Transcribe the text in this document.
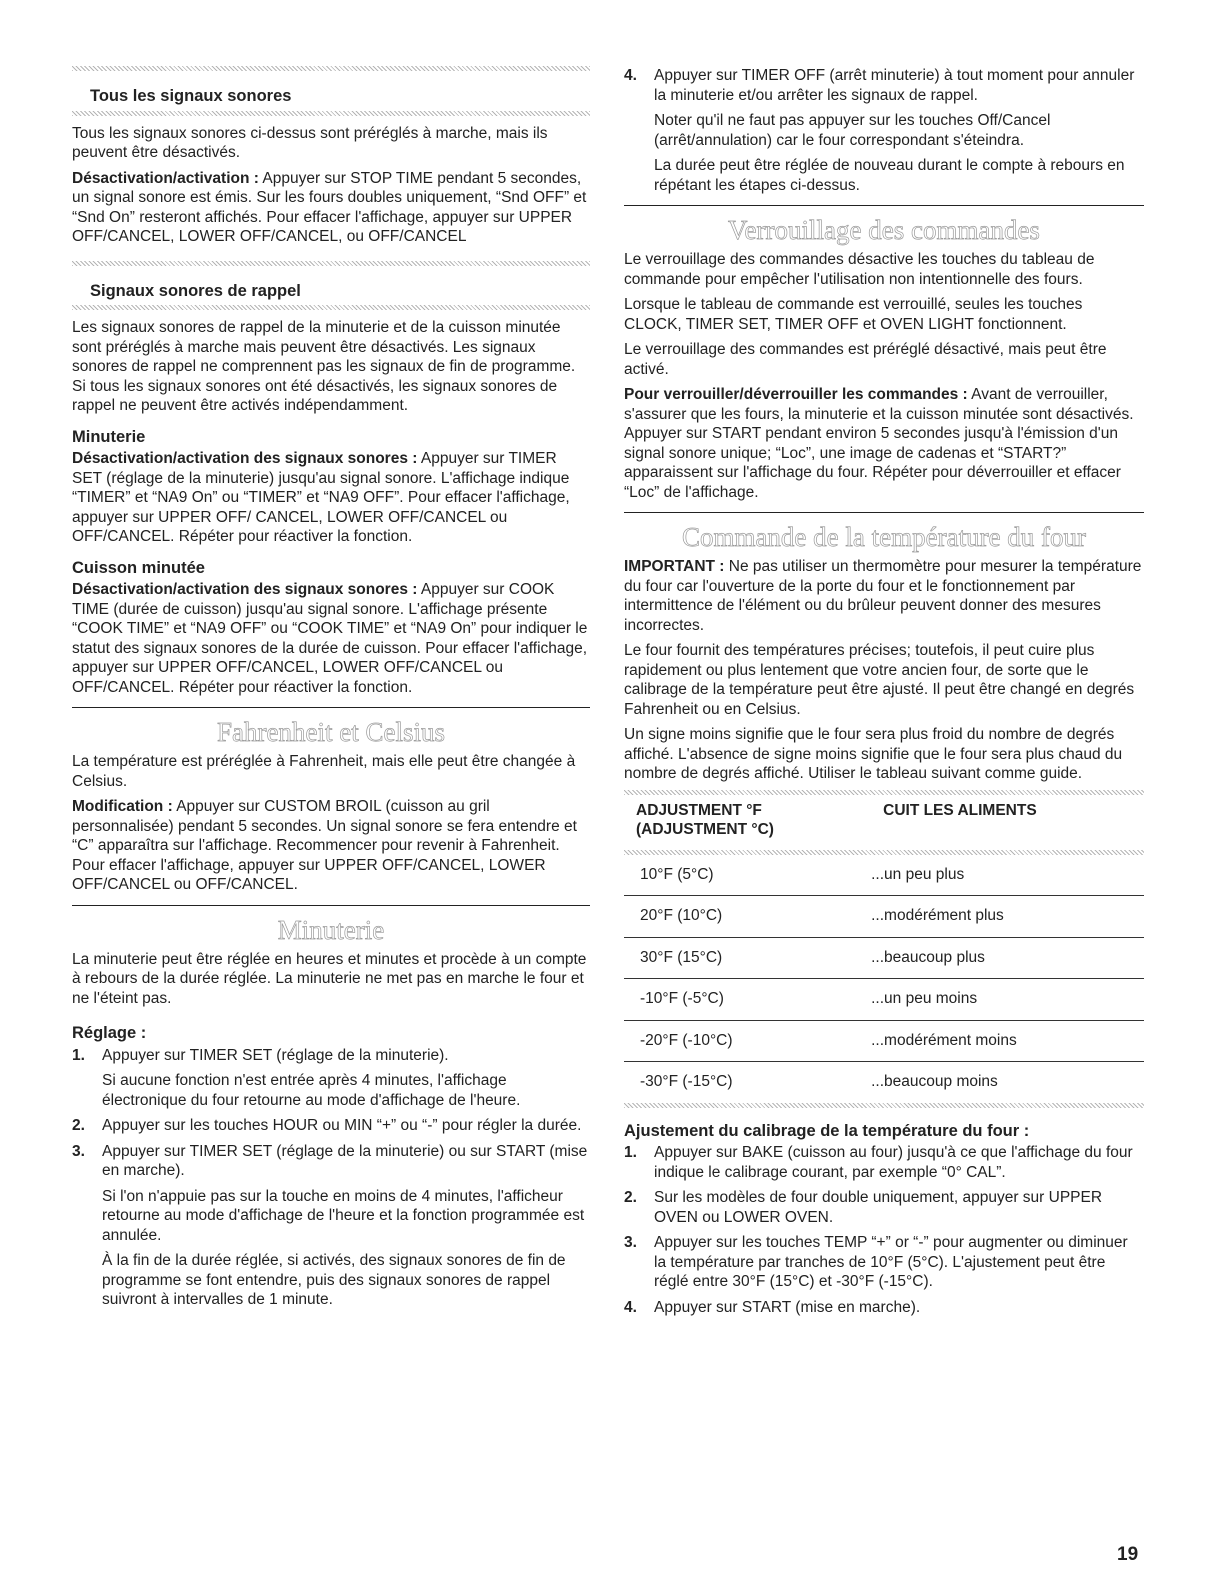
Tous les signaux sonores

Tous les signaux sonores ci-dessus sont préréglés à marche, mais ils peuvent être désactivés.

Désactivation/activation : Appuyer sur STOP TIME pendant 5 secondes, un signal sonore est émis. Sur les fours doubles uniquement, “Snd OFF” et “Snd On” resteront affichés. Pour effacer l'affichage, appuyer sur UPPER OFF/CANCEL, LOWER OFF/CANCEL, ou OFF/CANCEL

Signaux sonores de rappel

Les signaux sonores de rappel de la minuterie et de la cuisson minutée sont préréglés à marche mais peuvent être désactivés. Les signaux sonores de rappel ne comprennent pas les signaux de fin de programme. Si tous les signaux sonores ont été désactivés, les signaux sonores de rappel ne peuvent être activés indépendamment.

Minuterie

Désactivation/activation des signaux sonores : Appuyer sur TIMER SET (réglage de la minuterie) jusqu'au signal sonore. L'affichage indique “TIMER” et “NA9 On” ou “TIMER” et “NA9 OFF”. Pour effacer l'affichage, appuyer sur UPPER OFF/ CANCEL, LOWER OFF/CANCEL ou OFF/CANCEL. Répéter pour réactiver la fonction.

Cuisson minutée

Désactivation/activation des signaux sonores : Appuyer sur COOK TIME (durée de cuisson) jusqu'au signal sonore. L'affichage présente “COOK TIME” et “NA9 OFF” ou “COOK TIME” et “NA9 On” pour indiquer le statut des signaux sonores de la durée de cuisson. Pour effacer l'affichage, appuyer sur UPPER OFF/CANCEL, LOWER OFF/CANCEL ou OFF/CANCEL. Répéter pour réactiver la fonction.

Fahrenheit et Celsius

La température est préréglée à Fahrenheit, mais elle peut être changée à Celsius.

Modification : Appuyer sur CUSTOM BROIL (cuisson au gril personnalisée) pendant 5 secondes. Un signal sonore se fera entendre et “C” apparaîtra sur l'affichage. Recommencer pour revenir à Fahrenheit. Pour effacer l'affichage, appuyer sur UPPER OFF/CANCEL, LOWER OFF/CANCEL ou OFF/CANCEL.

Minuterie

La minuterie peut être réglée en heures et minutes et procède à un compte à rebours de la durée réglée. La minuterie ne met pas en marche le four et ne l'éteint pas.

Réglage :
1. Appuyer sur TIMER SET (réglage de la minuterie).

Si aucune fonction n'est entrée après 4 minutes, l'affichage électronique du four retourne au mode d'affichage de l'heure.

2. Appuyer sur les touches HOUR ou MIN “+” ou “-” pour régler la durée.

3. Appuyer sur TIMER SET (réglage de la minuterie) ou sur START (mise en marche).

Si l'on n'appuie pas sur la touche en moins de 4 minutes, l'afficheur retourne au mode d'affichage de l'heure et la fonction programmée est annulée.

À la fin de la durée réglée, si activés, des signaux sonores de fin de programme se font entendre, puis des signaux sonores de rappel suivront à intervalles de 1 minute.

4. Appuyer sur TIMER OFF (arrêt minuterie) à tout moment pour annuler la minuterie et/ou arrêter les signaux de rappel.

Noter qu'il ne faut pas appuyer sur les touches Off/Cancel (arrêt/annulation) car le four correspondant s'éteindra.

La durée peut être réglée de nouveau durant le compte à rebours en répétant les étapes ci-dessus.

Verrouillage des commandes

Le verrouillage des commandes désactive les touches du tableau de commande pour empêcher l'utilisation non intentionnelle des fours.

Lorsque le tableau de commande est verrouillé, seules les touches CLOCK, TIMER SET, TIMER OFF et OVEN LIGHT fonctionnent.

Le verrouillage des commandes est préréglé désactivé, mais peut être activé.

Pour verrouiller/déverrouiller les commandes : Avant de verrouiller, s'assurer que les fours, la minuterie et la cuisson minutée sont désactivés. Appuyer sur START pendant environ 5 secondes jusqu'à l'émission d'un signal sonore unique; “Loc”, une image de cadenas et “START?” apparaissent sur l'affichage du four. Répéter pour déverrouiller et effacer “Loc” de l'affichage.

Commande de la température du four

IMPORTANT : Ne pas utiliser un thermomètre pour mesurer la température du four car l'ouverture de la porte du four et le fonctionnement par intermittence de l'élément ou du brûleur peuvent donner des mesures incorrectes.

Le four fournit des températures précises; toutefois, il peut cuire plus rapidement ou plus lentement que votre ancien four, de sorte que le calibrage de la température peut être ajusté. Il peut être changé en degrés Fahrenheit ou en Celsius.

Un signe moins signifie que le four sera plus froid du nombre de degrés affiché. L'absence de signe moins signifie que le four sera plus chaud du nombre de degrés affiché. Utiliser le tableau suivant comme guide.

ADJUSTMENT °F
(ADJUSTMENT °C)	CUIT LES ALIMENTS

10°F (5°C)	...un peu plus
20°F (10°C)	...modérément plus
30°F (15°C)	...beaucoup plus
-10°F (-5°C)	...un peu moins
-20°F (-10°C)	...modérément moins
-30°F (-15°C)	...beaucoup moins
Ajustement du calibrage de la température du four :
1. Appuyer sur BAKE (cuisson au four) jusqu'à ce que l'affichage du four indique le calibrage courant, par exemple “0° CAL”.

2. Sur les modèles de four double uniquement, appuyer sur UPPER OVEN ou LOWER OVEN.

3. Appuyer sur les touches TEMP “+” or “-” pour augmenter ou diminuer la température par tranches de 10°F (5°C). L'ajustement peut être réglé entre 30°F (15°C) et -30°F (-15°C).

4. Appuyer sur START (mise en marche).

19
